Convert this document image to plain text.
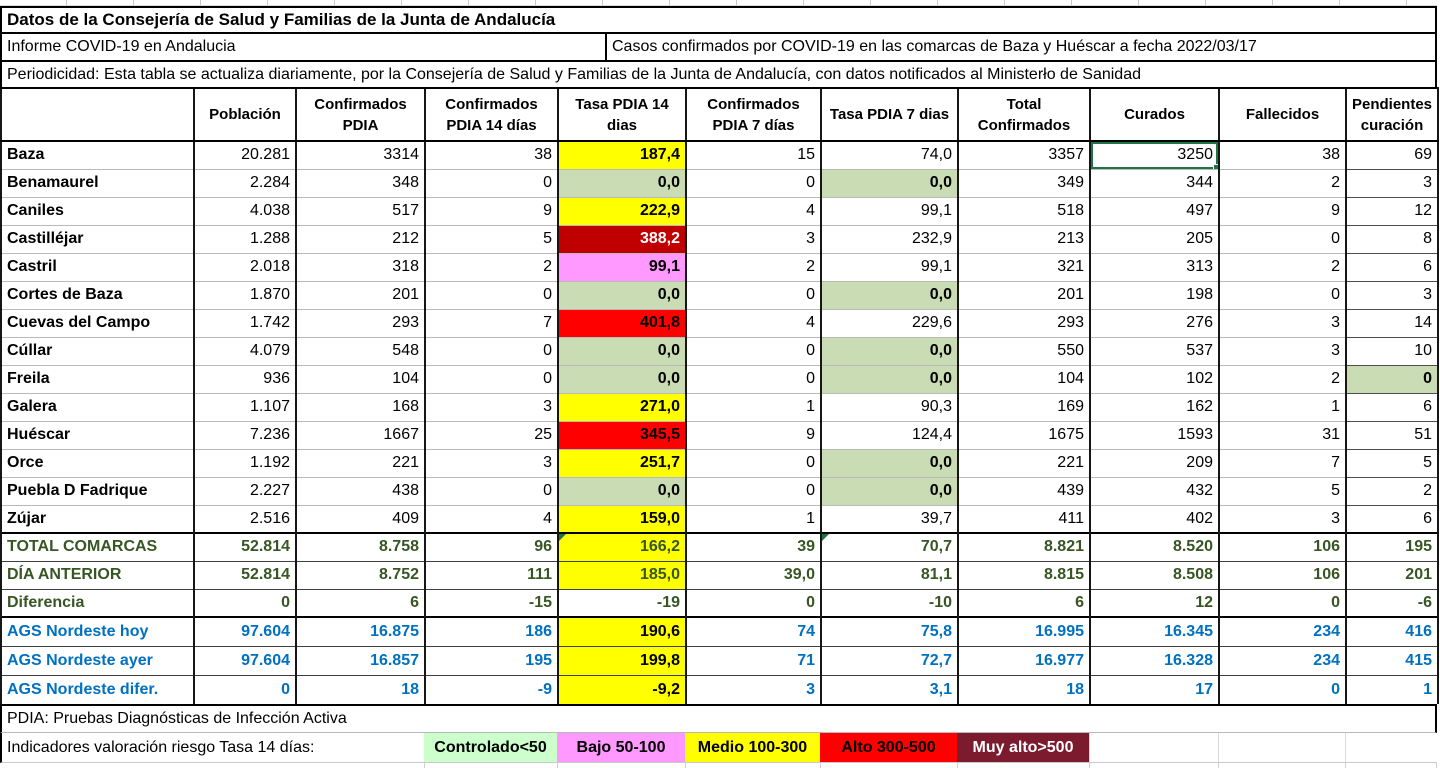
Datos de la Consejería de Salud y Familias de la Junta de Andalucía
Informe COVID-19 en Andalucia	Casos confirmados por COVID-19 en las comarcas de Baza y Huéscar a fecha 2022/03/17
Periodicidad: Esta tabla se actualiza diariamente, por la Consejería de Salud y Familias de la Junta de Andalucía, con datos notificados al Ministerło de Sanidad
	Población	Confirmados PDIA	Confirmados PDIA 14 días	Tasa PDIA 14 dias	Confirmados PDIA 7 días	Tasa PDIA 7 dias	Total Confirmados	Curados	Fallecidos	Pendientes curación
Baza	20.281	3314	38	187,4	15	74,0	3357	3250	38	69
Benamaurel	2.284	348	0	0,0	0	0,0	349	344	2	3
Caniles	4.038	517	9	222,9	4	99,1	518	497	9	12
Castilléjar	1.288	212	5	388,2	3	232,9	213	205	0	8
Castril	2.018	318	2	99,1	2	99,1	321	313	2	6
Cortes de Baza	1.870	201	0	0,0	0	0,0	201	198	0	3
Cuevas del Campo	1.742	293	7	401,8	4	229,6	293	276	3	14
Cúllar	4.079	548	0	0,0	0	0,0	550	537	3	10
Freila	936	104	0	0,0	0	0,0	104	102	2	0
Galera	1.107	168	3	271,0	1	90,3	169	162	1	6
Huéscar	7.236	1667	25	345,5	9	124,4	1675	1593	31	51
Orce	1.192	221	3	251,7	0	0,0	221	209	7	5
Puebla D Fadrique	2.227	438	0	0,0	0	0,0	439	432	5	2
Zújar	2.516	409	4	159,0	1	39,7	411	402	3	6
TOTAL COMARCAS	52.814	8.758	96	166,2	39	70,7	8.821	8.520	106	195
DÍA ANTERIOR	52.814	8.752	111	185,0	39,0	81,1	8.815	8.508	106	201
Diferencia	0	6	-15	-19	0	-10	6	12	0	-6
AGS Nordeste hoy	97.604	16.875	186	190,6	74	75,8	16.995	16.345	234	416
AGS Nordeste ayer	97.604	16.857	195	199,8	71	72,7	16.977	16.328	234	415
AGS Nordeste difer.	0	18	-9	-9,2	3	3,1	18	17	0	1
PDIA: Pruebas Diagnósticas de Infección Activa
Indicadores valoración riesgo Tasa 14 días:	Controlado<50	Bajo 50-100	Medio 100-300	Alto 300-500	Muy alto>500
